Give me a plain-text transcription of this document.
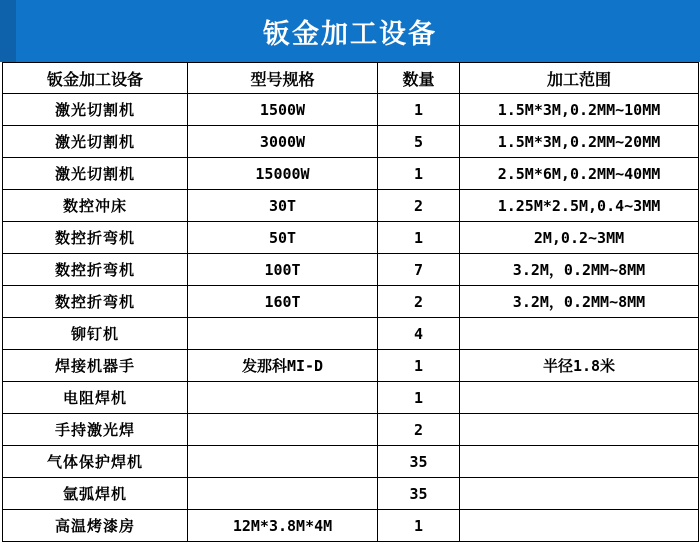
钣金加工设备
钣金加工设备	型号规格	数量	加工范围
激光切割机	1500W	1	1.5M*3M,0.2MM~10MM
激光切割机	3000W	5	1.5M*3M,0.2MM~20MM
激光切割机	15000W	1	2.5M*6M,0.2MM~40MM
数控冲床	30T	2	1.25M*2.5M,0.4~3MM
数控折弯机	50T	1	2M,0.2~3MM
数控折弯机	100T	7	3.2M，0.2MM~8MM
数控折弯机	160T	2	3.2M，0.2MM~8MM
铆钉机		4	
焊接机器手	发那科MI-D	1	半径1.8米
电阻焊机		1	
手持激光焊		2	
气体保护焊机		35	
氩弧焊机		35	
高温烤漆房	12M*3.8M*4M	1	
